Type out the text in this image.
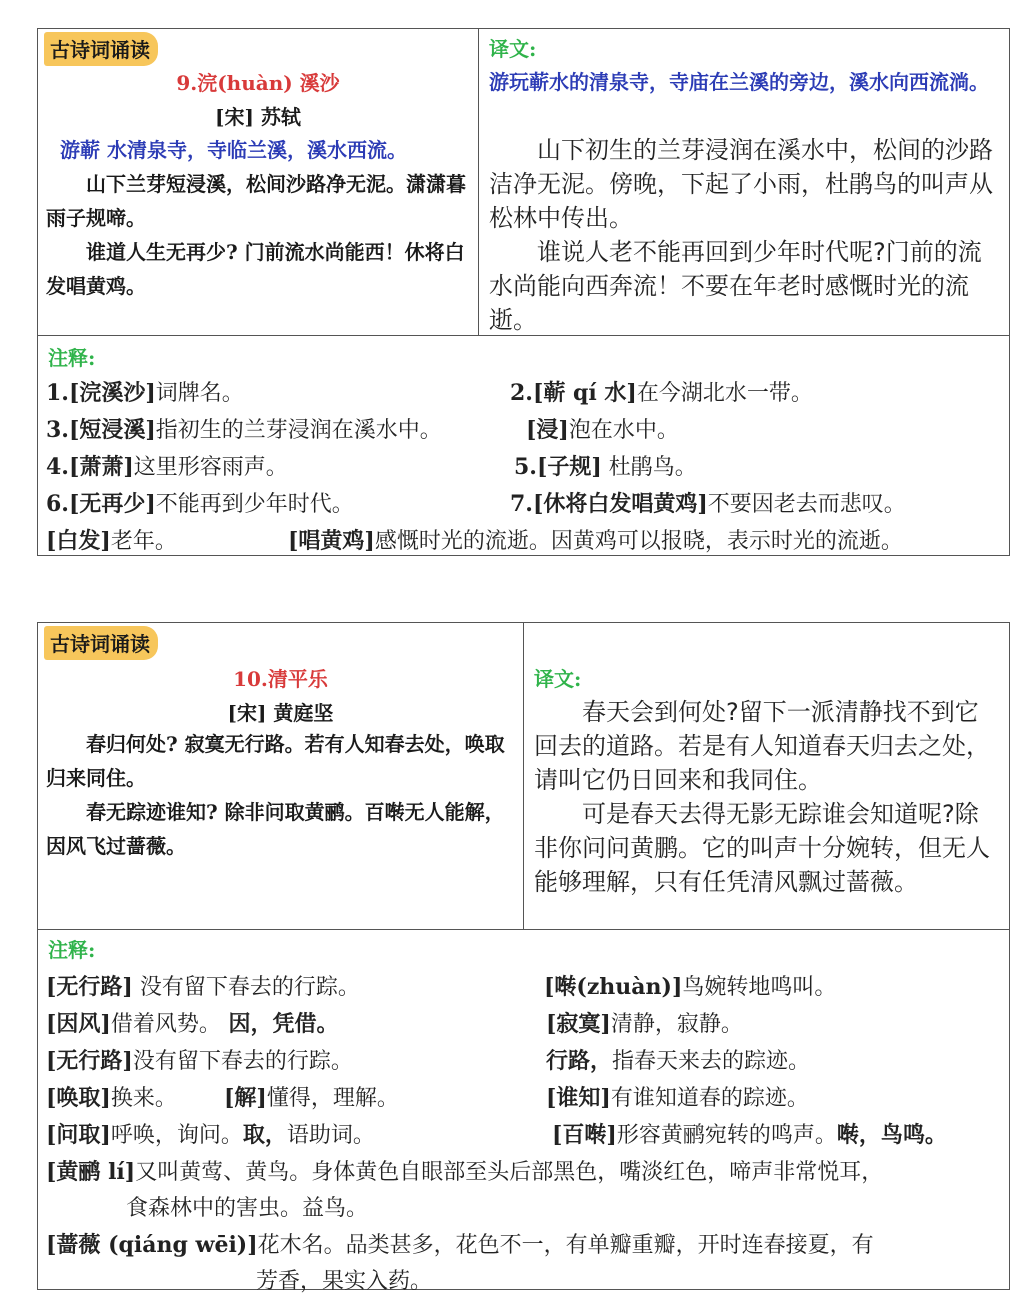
古诗词诵读
9.浣(huàn) 溪沙
[宋] 苏轼
游蕲 水清泉寺，寺临兰溪，溪水西流。
山下兰芽短浸溪，松间沙路净无泥。潇潇暮雨子规啼。
谁道人生无再少? 门前流水尚能西！休将白发唱黄鸡。
译文:
游玩蕲水的清泉寺，寺庙在兰溪的旁边，溪水向西流淌。
山下初生的兰芽浸润在溪水中，松间的沙路洁净无泥。傍晚，下起了小雨，杜鹃鸟的叫声从松林中传出。
谁说人老不能再回到少年时代呢?门前的流水尚能向西奔流！不要在年老时感慨时光的流逝。
注释:
1.[浣溪沙]词牌名。	2.[蕲 qí 水]在今湖北水一带。
3.[短浸溪]指初生的兰芽浸润在溪水中。	[浸]泡在水中。
4.[萧萧]这里形容雨声。	5.[子规] 杜鹃鸟。
6.[无再少]不能再到少年时代。	7.[休将白发唱黄鸡]不要因老去而悲叹。
[白发]老年。	[唱黄鸡]感慨时光的流逝。因黄鸡可以报晓，表示时光的流逝。
古诗词诵读
10.清平乐
[宋] 黄庭坚
春归何处? 寂寞无行路。若有人知春去处，唤取归来同住。
春无踪迹谁知? 除非问取黄鹂。百啭无人能解，因风飞过蔷薇。
译文:
春天会到何处?留下一派清静找不到它回去的道路。若是有人知道春天归去之处，请叫它仍日回来和我同住。
可是春天去得无影无踪谁会知道呢?除非你问问黄鹏。它的叫声十分婉转，但无人能够理解，只有任凭清风飘过蔷薇。
注释:
[无行路] 没有留下春去的行踪。	[啭(zhuàn)]鸟婉转地鸣叫。
[因风]借着风势。 因，凭借。	[寂寞]清静，寂静。
[无行路]没有留下春去的行踪。	行路，指春天来去的踪迹。
[唤取]换来。 [解]懂得，理解。	[谁知]有谁知道春的踪迹。
[问取]呼唤，询问。取，语助词。	[百啭]形容黄鹂宛转的鸣声。啭，鸟鸣。
[黄鹂 lí]又叫黄莺、黄鸟。身体黄色自眼部至头后部黑色，嘴淡红色，啼声非常悦耳，
食森林中的害虫。益鸟。
[蔷薇 (qiáng wēi)]花木名。品类甚多，花色不一，有单瓣重瓣，开时连春接夏，有
芳香，果实入药。
